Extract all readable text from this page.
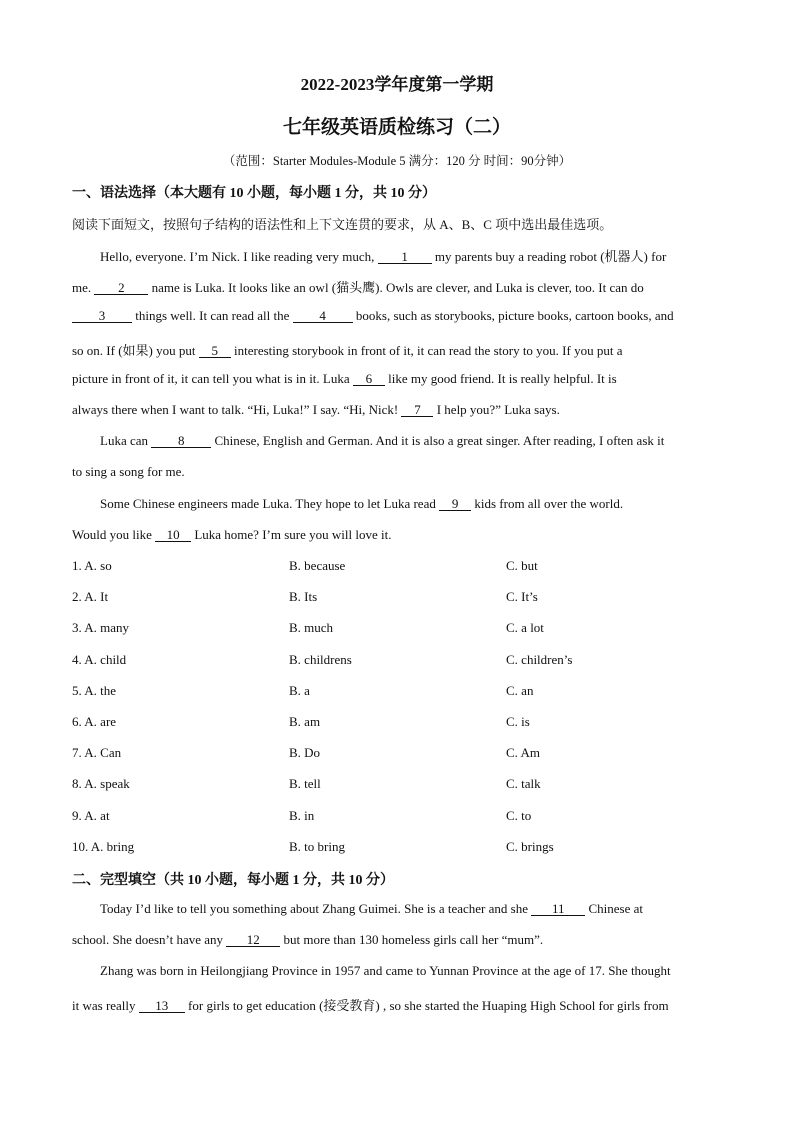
2022-2023学年度第一学期
七年级英语质检练习（二）
（范围：Starter Modules-Module 5 满分：120 分 时间：90分钟）
一、语法选择（本大题有 10 小题，每小题 1 分，共 10 分）
阅读下面短文，按照句子结构的语法性和上下文连贯的要求，从 A、B、C 项中选出最佳选项。
Hello, everyone. I’m Nick. I like reading very much, 1 my parents buy a reading robot (机器人) for
me. 2 name is Luka. It looks like an owl (猫头鹰). Owls are clever, and Luka is clever, too. It can do
3 things well. It can read all the 4 books, such as storybooks, picture books, cartoon books, and
so on. If (如果) you put 5 interesting storybook in front of it, it can read the story to you. If you put a
picture in front of it, it can tell you what is in it. Luka 6 like my good friend. It is really helpful. It is
always there when I want to talk. “Hi, Luka!” I say. “Hi, Nick! 7 I help you?” Luka says.
Luka can 8 Chinese, English and German. And it is also a great singer. After reading, I often ask it
to sing a song for me.
Some Chinese engineers made Luka. They hope to let Luka read 9 kids from all over the world.
Would you like 10 Luka home? I’m sure you will love it.
1. A. so	B. because	C. but
2. A. It	B. Its	C. It’s
3. A. many	B. much	C. a lot
4. A. child	B. childrens	C. children’s
5. A. the	B. a	C. an
6. A. are	B. am	C. is
7. A. Can	B. Do	C. Am
8. A. speak	B. tell	C. talk
9. A. at	B. in	C. to
10. A. bring	B. to bring	C. brings
二、完型填空（共 10 小题，每小题 1 分，共 10 分）
Today I’d like to tell you something about Zhang Guimei. She is a teacher and she 11 Chinese at
school. She doesn’t have any 12 but more than 130 homeless girls call her “mum”.
Zhang was born in Heilongjiang Province in 1957 and came to Yunnan Province at the age of 17. She thought
it was really 13 for girls to get education (接受教育) , so she started the Huaping High School for girls from
